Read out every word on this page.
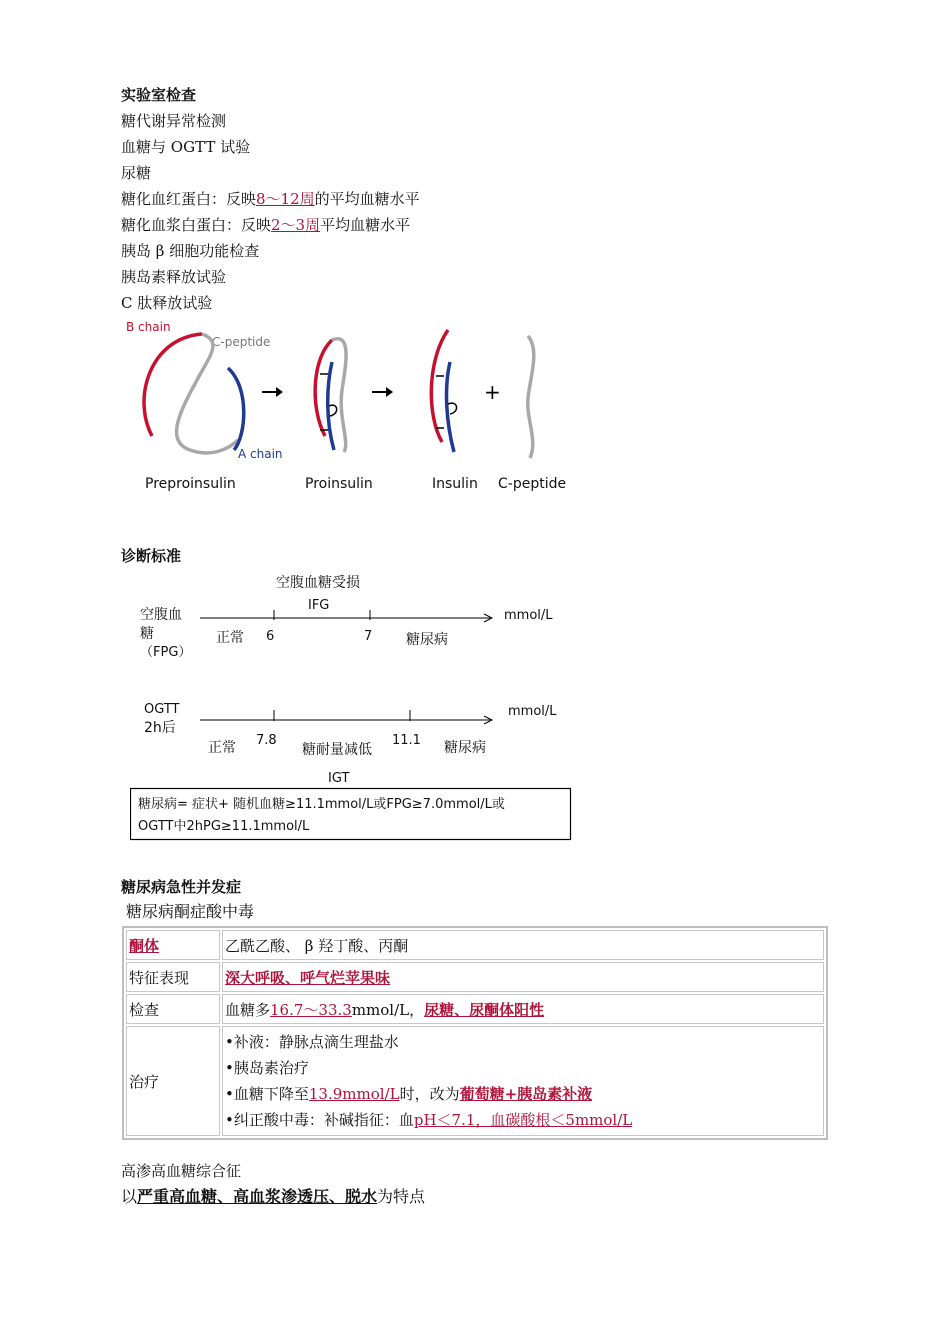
实验室检查
糖代谢异常检测
血糖与 OGTT 试验
尿糖
糖化血红蛋白：反映8～12周的平均血糖水平
糖化血浆白蛋白：反映2～3周平均血糖水平
胰岛 β 细胞功能检查
胰岛素释放试验
C 肽释放试验
B chain
C-peptide
A chain
+
Preproinsulin	Proinsulin	Insulin C-peptide
诊断标准
空腹血糖受损
IFG
空腹血
糖
（FPG）
mmol/L
正常 6	7 糖尿病
OGTT
2h后
mmol/L
7.8	11.1
正常	糖耐量减低	糖尿病
IGT
糖尿病= 症状+ 随机血糖≥11.1mmol/L或FPG≥7.0mmol/L或
OGTT中2hPG≥11.1mmol/L
糖尿病急性并发症
糖尿病酮症酸中毒
酮体	乙酰乙酸、 β 羟丁酸、丙酮
特征表现	深大呼吸、呼气烂苹果味
检查	血糖多16.7～33.3mmol/L，尿糖、尿酮体阳性
治疗	•补液：静脉点滴生理盐水
•胰岛素治疗
•血糖下降至13.9mmol/L时，改为葡萄糖+胰岛素补液
•纠正酸中毒：补碱指征：血pH＜7.1，血碳酸根＜5mmol/L
高渗高血糖综合征
以严重高血糖、高血浆渗透压、脱水为特点
